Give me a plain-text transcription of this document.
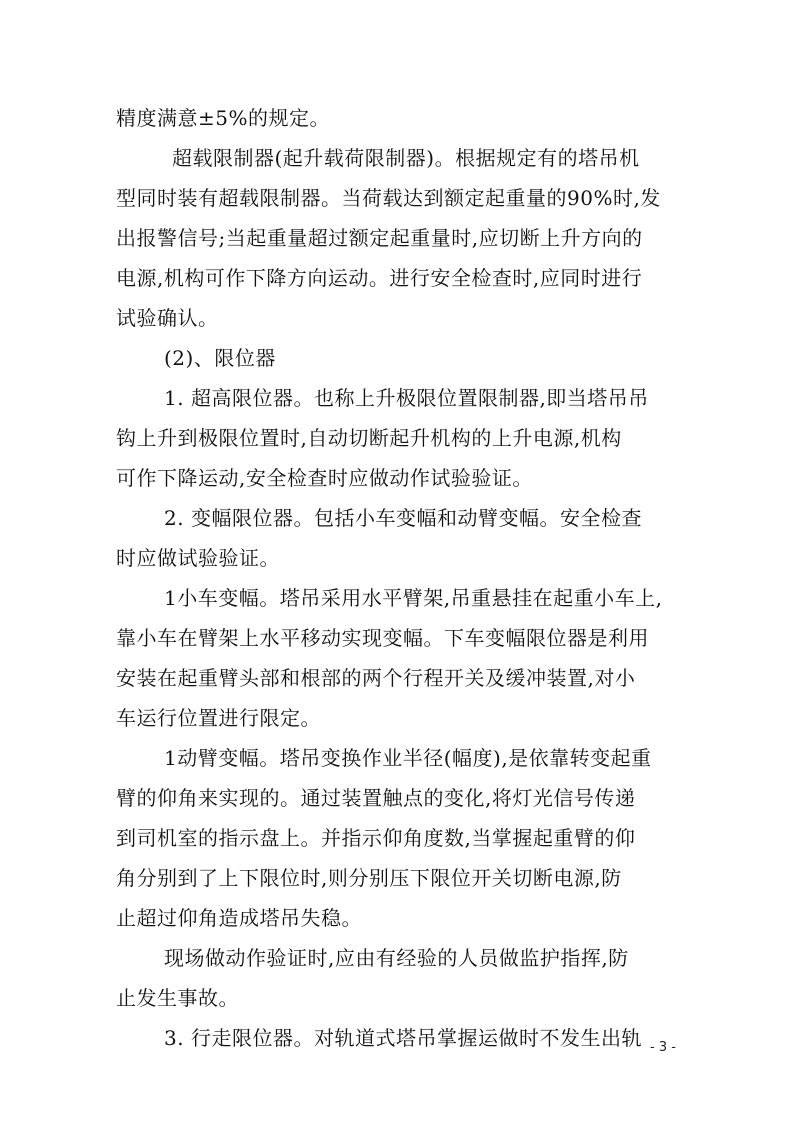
精度满意±5%的规定。
超载限制器(起升载荷限制器)。根据规定有的塔吊机
型同时装有超载限制器。当荷载达到额定起重量的90%时,发
出报警信号;当起重量超过额定起重量时,应切断上升方向的
电源,机构可作下降方向运动。进行安全检查时,应同时进行
试验确认。
(2)、限位器
1. 超高限位器。也称上升极限位置限制器,即当塔吊吊
钩上升到极限位置时,自动切断起升机构的上升电源,机构
可作下降运动,安全检查时应做动作试验验证。
2. 变幅限位器。包括小车变幅和动臂变幅。安全检查
时应做试验验证。
1小车变幅。塔吊采用水平臂架,吊重悬挂在起重小车上,
靠小车在臂架上水平移动实现变幅。下车变幅限位器是利用
安装在起重臂头部和根部的两个行程开关及缓冲装置,对小
车运行位置进行限定。
1动臂变幅。塔吊变换作业半径(幅度),是依靠转变起重
臂的仰角来实现的。通过装置触点的变化,将灯光信号传递
到司机室的指示盘上。并指示仰角度数,当掌握起重臂的仰
角分别到了上下限位时,则分别压下限位开关切断电源,防
止超过仰角造成塔吊失稳。
现场做动作验证时,应由有经验的人员做监护指挥,防
止发生事故。
3. 行走限位器。对轨道式塔吊掌握运做时不发生出轨 - 3 -
